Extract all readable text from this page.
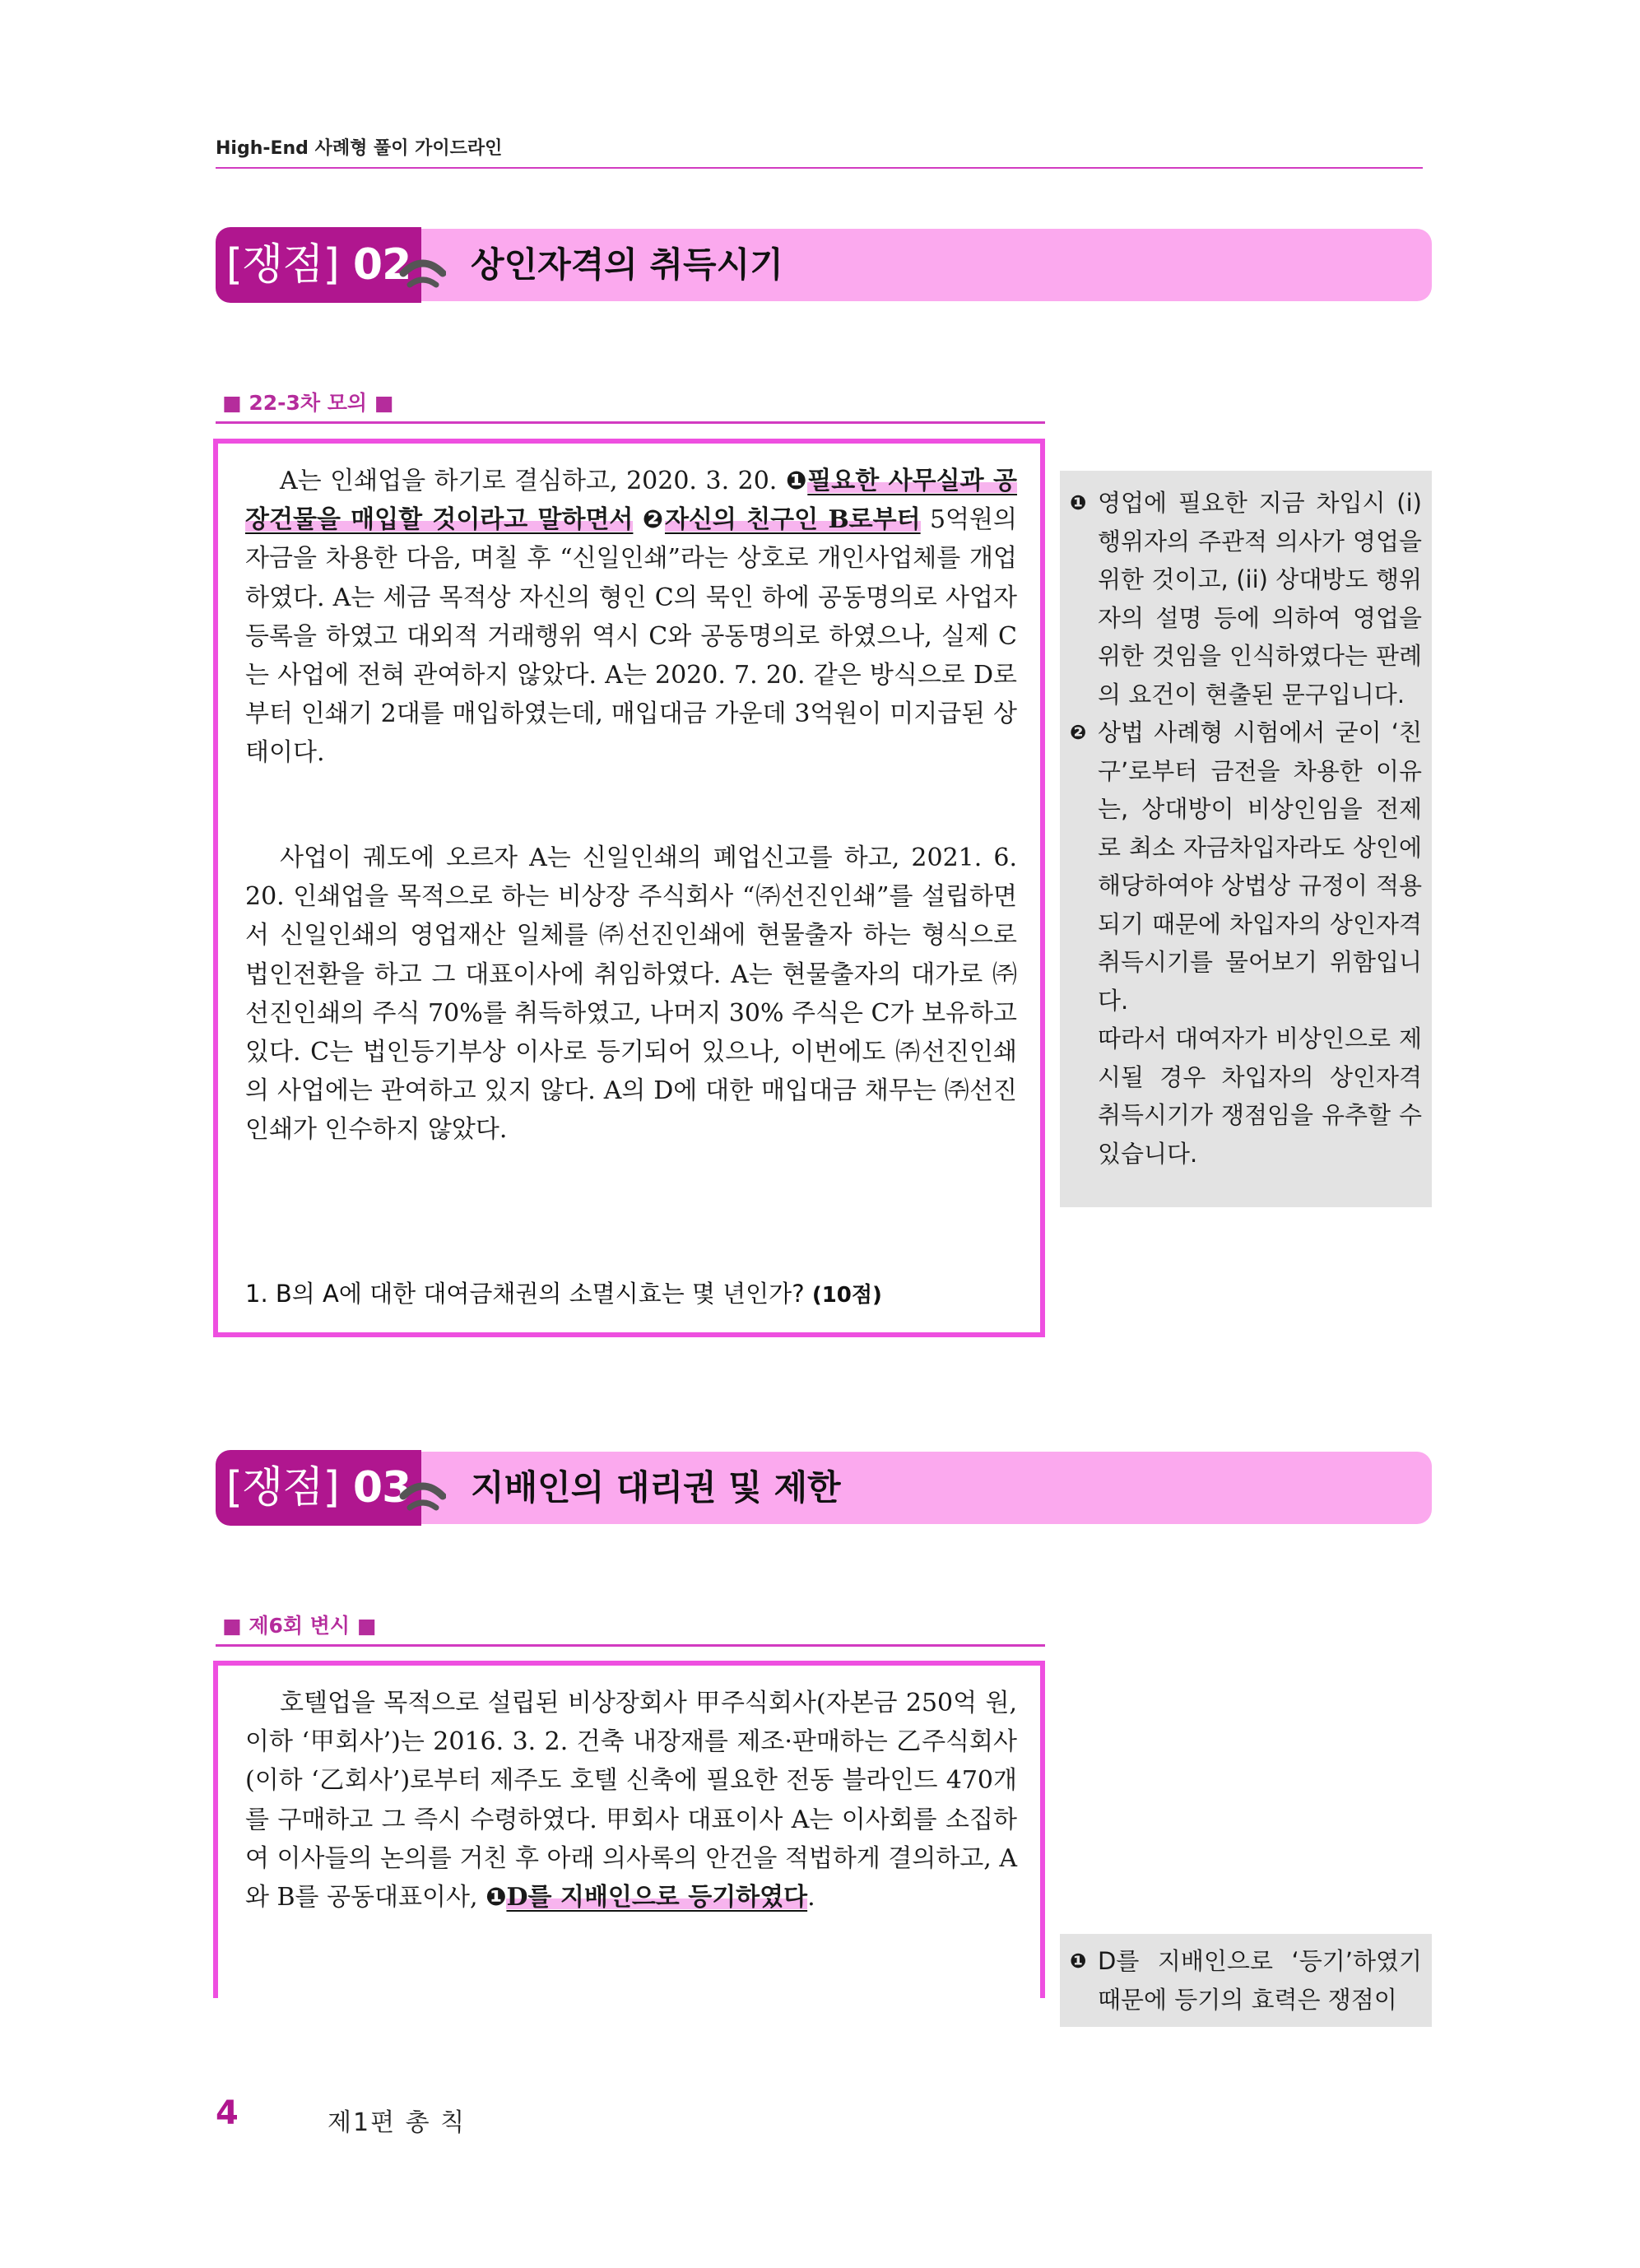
High-End 사례형 풀이 가이드라인
[쟁점] 02	상인자격의 취득시기
■ 22-3차 모의 ■
A는 인쇄업을 하기로 결심하고, 2020. 3. 20. ❶필요한 사무실과 공장건물을 매입할 것이라고 말하면서 ❷자신의 친구인 B로부터 5억원의 자금을 차용한 다음, 며칠 후 “신일인쇄”라는 상호로 개인사업체를 개업하였다. A는 세금 목적상 자신의 형인 C의 묵인 하에 공동명의로 사업자등록을 하였고 대외적 거래행위 역시 C와 공동명의로 하였으나, 실제 C는 사업에 전혀 관여하지 않았다. A는 2020. 7. 20. 같은 방식으로 D로부터 인쇄기 2대를 매입하였는데, 매입대금 가운데 3억원이 미지급된 상태이다.
사업이 궤도에 오르자 A는 신일인쇄의 폐업신고를 하고, 2021. 6. 20. 인쇄업을 목적으로 하는 비상장 주식회사 “㈜선진인쇄”를 설립하면서 신일인쇄의 영업재산 일체를 ㈜선진인쇄에 현물출자 하는 형식으로 법인전환을 하고 그 대표이사에 취임하였다. A는 현물출자의 대가로 ㈜선진인쇄의 주식 70%를 취득하였고, 나머지 30% 주식은 C가 보유하고 있다. C는 법인등기부상 이사로 등기되어 있으나, 이번에도 ㈜선진인쇄의 사업에는 관여하고 있지 않다. A의 D에 대한 매입대금 채무는 ㈜선진인쇄가 인수하지 않았다.
1. B의 A에 대한 대여금채권의 소멸시효는 몇 년인가? (10점)
❶ 영업에 필요한 지금 차입시 (i) 행위자의 주관적 의사가 영업을 위한 것이고, (ii) 상대방도 행위자의 설명 등에 의하여 영업을 위한 것임을 인식하였다는 판례의 요건이 현출된 문구입니다.
❷ 상법 사례형 시험에서 굳이 ‘친구’로부터 금전을 차용한 이유는, 상대방이 비상인임을 전제로 최소 자금차입자라도 상인에 해당하여야 상법상 규정이 적용되기 때문에 차입자의 상인자격 취득시기를 물어보기 위함입니다.
따라서 대여자가 비상인으로 제시될 경우 차입자의 상인자격 취득시기가 쟁점임을 유추할 수 있습니다.
[쟁점] 03	지배인의 대리권 및 제한
■ 제6회 변시 ■
호텔업을 목적으로 설립된 비상장회사 甲주식회사(자본금 250억 원, 이하 ‘甲회사’)는 2016. 3. 2. 건축 내장재를 제조·판매하는 乙주식회사(이하 ‘乙회사’)로부터 제주도 호텔 신축에 필요한 전동 블라인드 470개를 구매하고 그 즉시 수령하였다. 甲회사 대표이사 A는 이사회를 소집하여 이사들의 논의를 거친 후 아래 의사록의 안건을 적법하게 결의하고, A와 B를 공동대표이사, ❶D를 지배인으로 등기하였다.
❶ D를 지배인으로 ‘등기’하였기 때문에 등기의 효력은 쟁점이
4	제1편 총 칙
